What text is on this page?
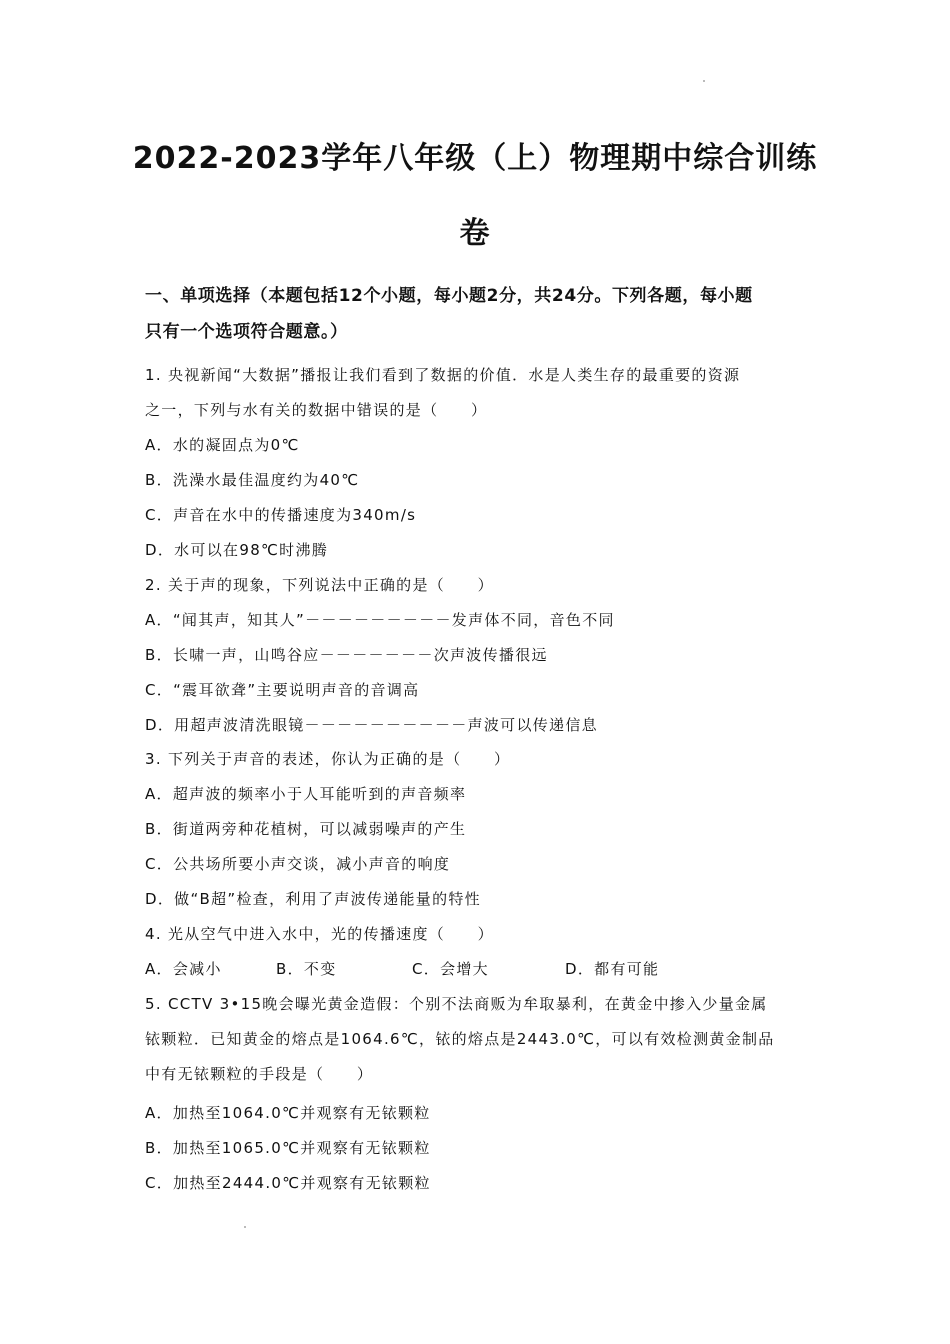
2022-2023学年八年级（上）物理期中综合训练
卷
一、单项选择（本题包括12个小题，每小题2分，共24分。下列各题，每小题
只有一个选项符合题意。）
1. 央视新闻“大数据”播报让我们看到了数据的价值．水是人类生存的最重要的资源
之一，下列与水有关的数据中错误的是（　　）
A．水的凝固点为0℃
B．洗澡水最佳温度约为40℃
C．声音在水中的传播速度为340m/s
D．水可以在98℃时沸腾
2. 关于声的现象，下列说法中正确的是（　　）
A．“闻其声，知其人”－－－－－－－－－发声体不同，音色不同
B．长啸一声，山鸣谷应－－－－－－－次声波传播很远
C．“震耳欲聋”主要说明声音的音调高
D．用超声波清洗眼镜－－－－－－－－－－声波可以传递信息
3. 下列关于声音的表述，你认为正确的是（　　）
A．超声波的频率小于人耳能听到的声音频率
B．街道两旁种花植树，可以减弱噪声的产生
C．公共场所要小声交谈，减小声音的响度
D．做“B超”检查，利用了声波传递能量的特性
4. 光从空气中进入水中，光的传播速度（　　）
A．会减小	B．不变	C．会增大	D．都有可能
5. CCTV 3•15晚会曝光黄金造假：个别不法商贩为牟取暴利，在黄金中掺入少量金属
铱颗粒．已知黄金的熔点是1064.6℃，铱的熔点是2443.0℃，可以有效检测黄金制品
中有无铱颗粒的手段是（　　）
A．加热至1064.0℃并观察有无铱颗粒
B．加热至1065.0℃并观察有无铱颗粒
C．加热至2444.0℃并观察有无铱颗粒
